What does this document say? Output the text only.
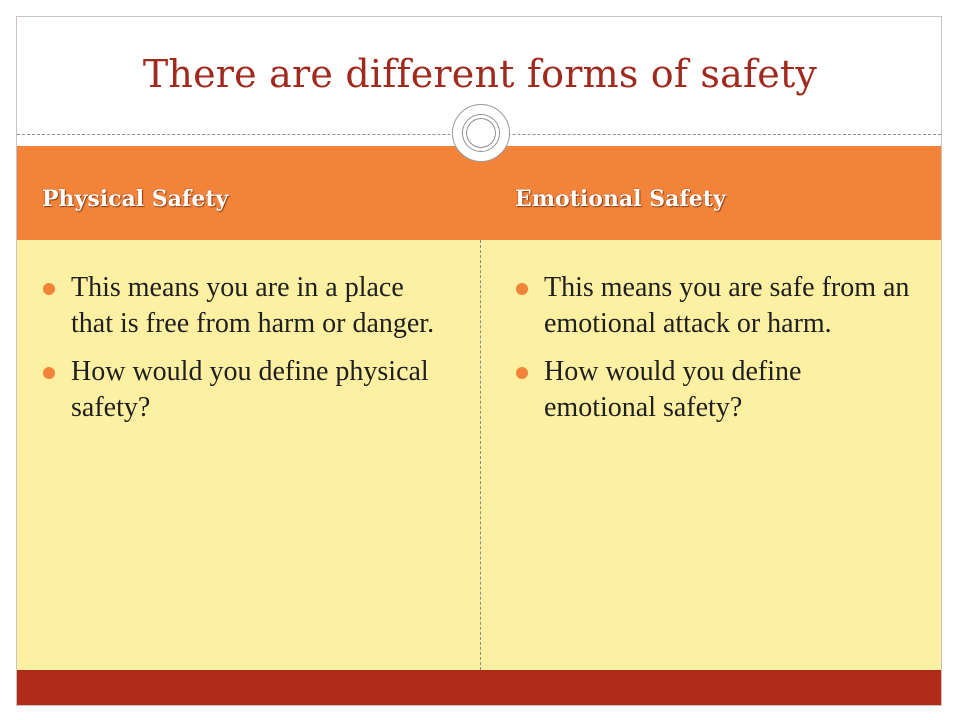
There are different forms of safety
Physical Safety	Emotional Safety
This means you are in a place that is free from harm or danger.
How would you define physical safety?
This means you are safe from an emotional attack or harm.
How would you define emotional safety?
